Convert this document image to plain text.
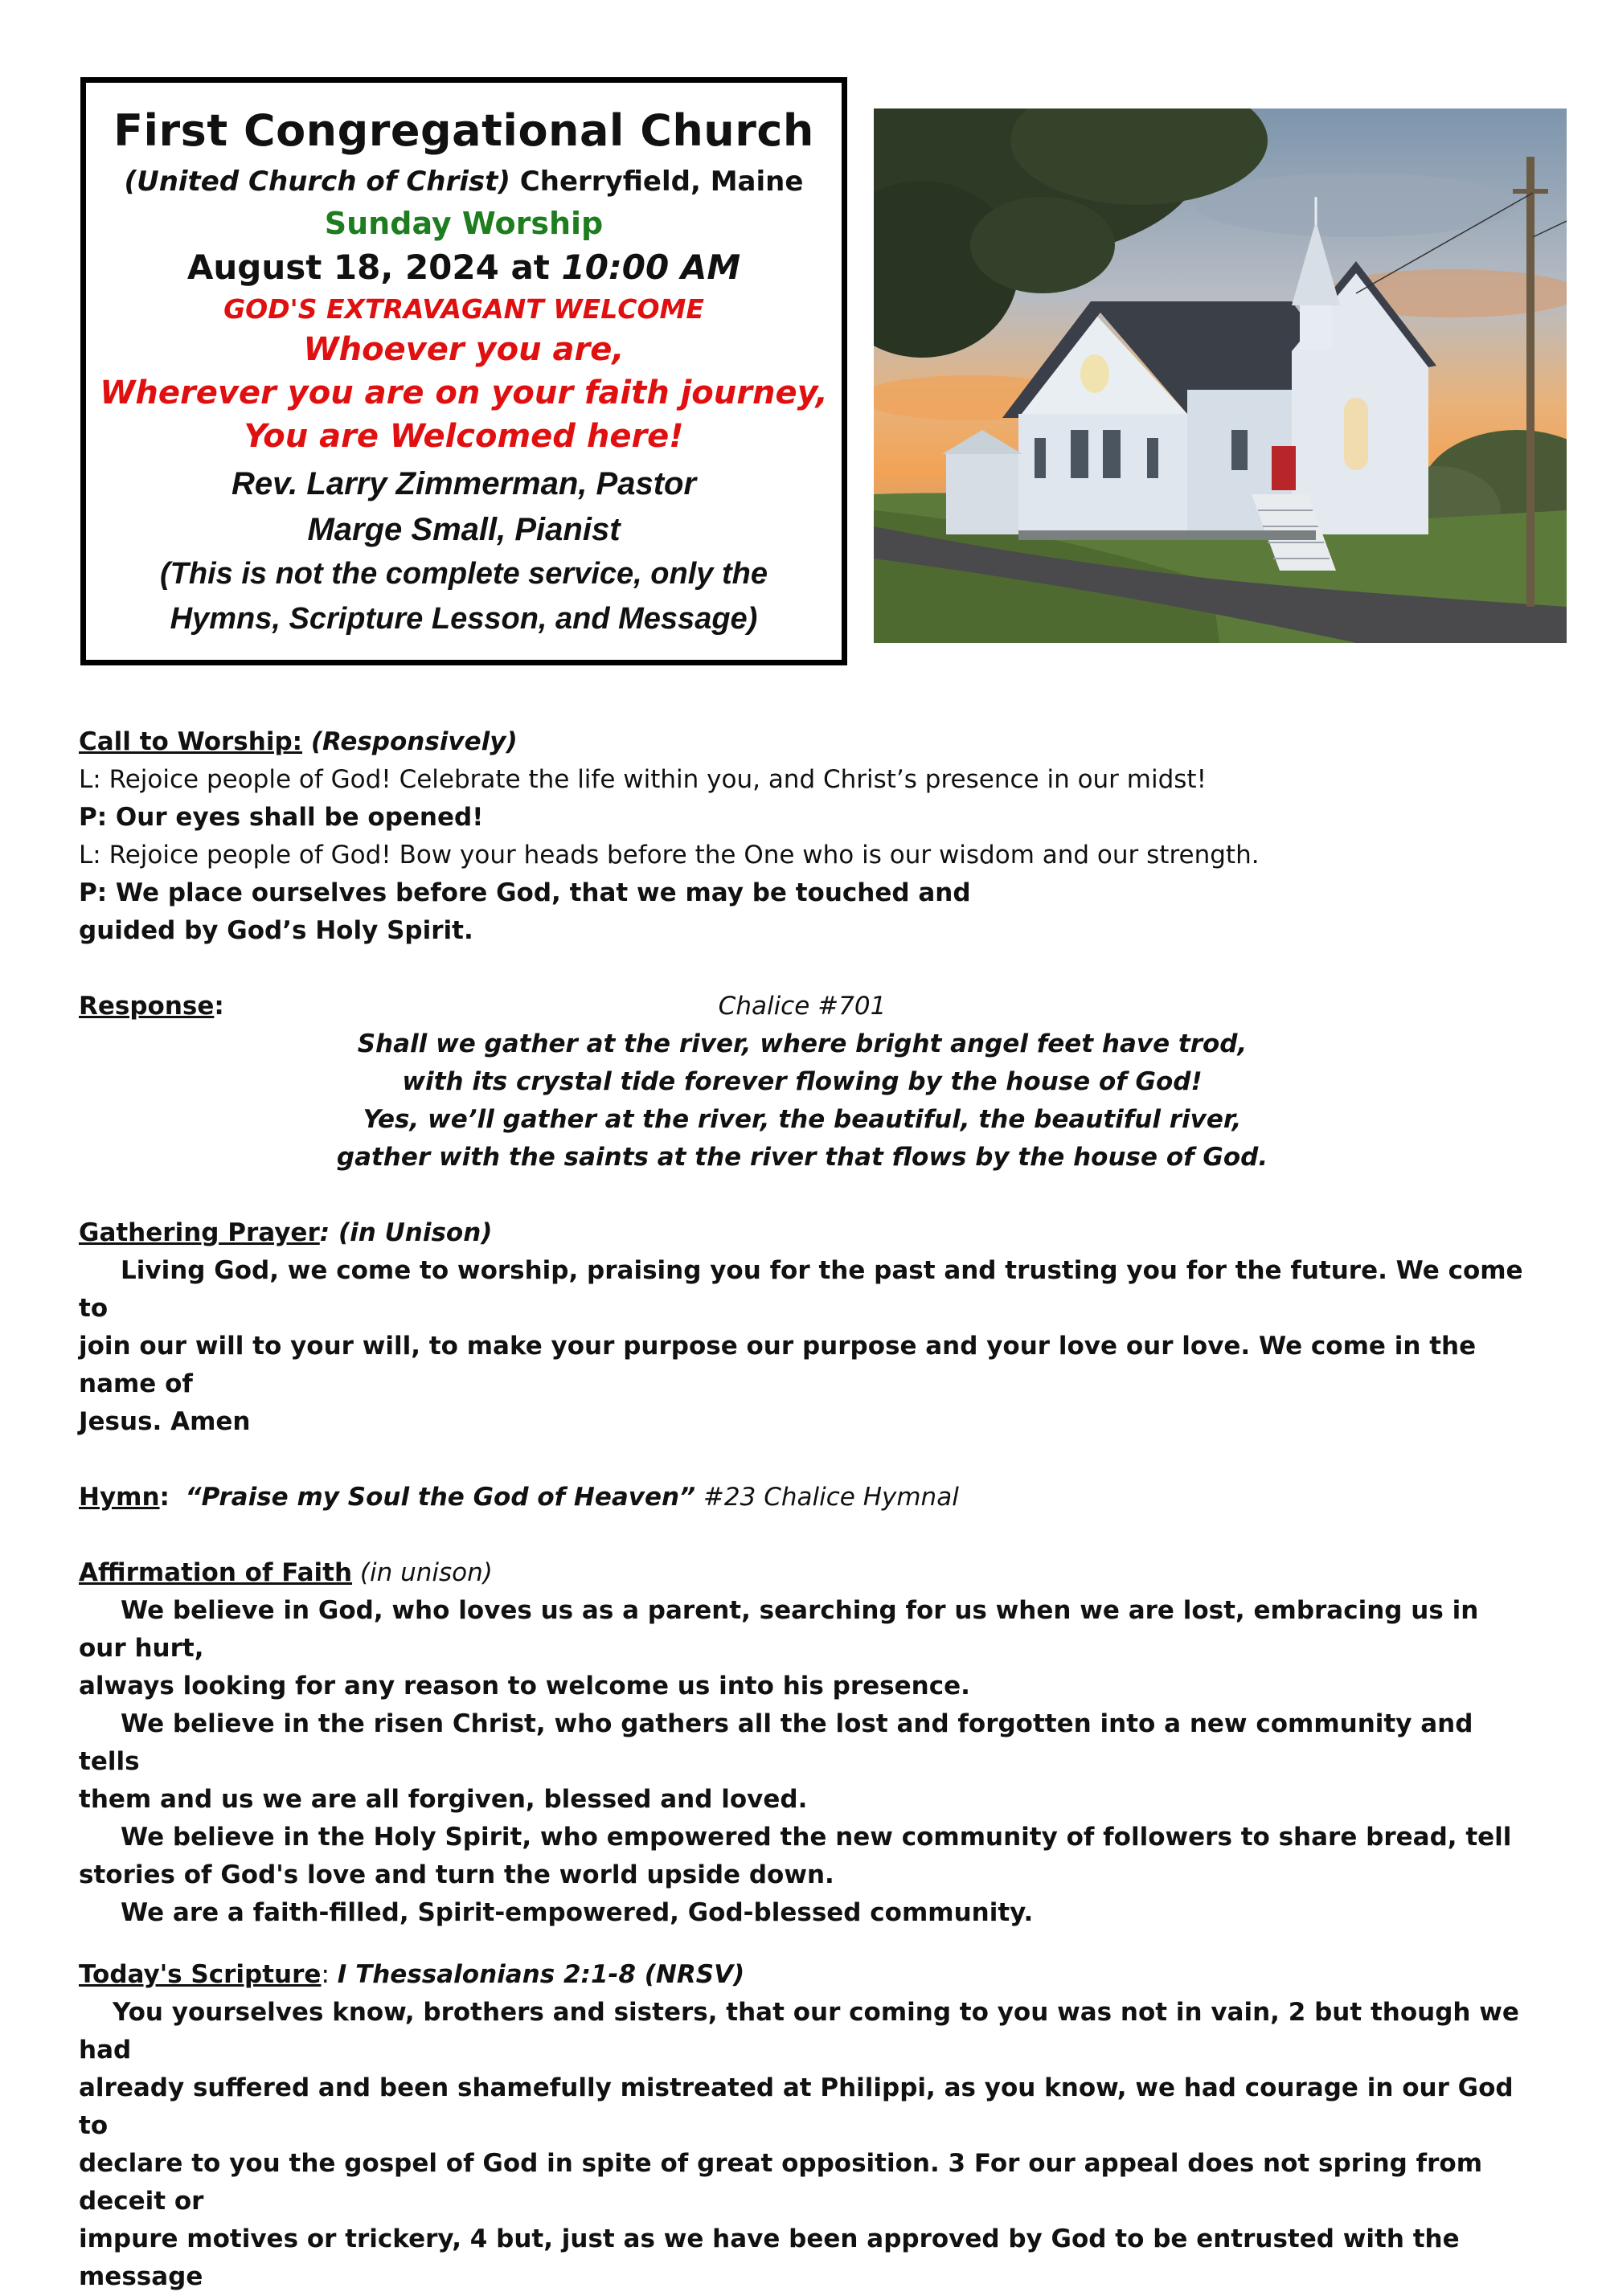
First Congregational Church
(United Church of Christ) Cherryfield, Maine
Sunday Worship
August 18, 2024 at 10:00 AM
GOD'S EXTRAVAGANT WELCOME
Whoever you are,
Wherever you are on your faith journey,
You are Welcomed here!
Rev. Larry Zimmerman, Pastor
Marge Small, Pianist
(This is not the complete service, only the
Hymns, Scripture Lesson, and Message)

Call to Worship: (Responsively)

L: Rejoice people of God! Celebrate the life within you, and Christ’s presence in our midst!

P: Our eyes shall be opened!

L: Rejoice people of God! Bow your heads before the One who is our wisdom and our strength.

P: We place ourselves before God, that we may be touched and

guided by God’s Holy Spirit.

Response:	Chalice #701

Shall we gather at the river, where bright angel feet have trod,

with its crystal tide forever flowing by the house of God!

Yes, we’ll gather at the river, the beautiful, the beautiful river,

gather with the saints at the river that flows by the house of God.

Gathering Prayer: (in Unison)

Living God, we come to worship, praising you for the past and trusting you for the future. We come to

join our will to your will, to make your purpose our purpose and your love our love. We come in the name of

Jesus. Amen

Hymn: “Praise my Soul the God of Heaven” #23 Chalice Hymnal

Affirmation of Faith (in unison)

We believe in God, who loves us as a parent, searching for us when we are lost, embracing us in our hurt,

always looking for any reason to welcome us into his presence.

We believe in the risen Christ, who gathers all the lost and forgotten into a new community and tells

them and us we are all forgiven, blessed and loved.

We believe in the Holy Spirit, who empowered the new community of followers to share bread, tell

stories of God's love and turn the world upside down.

We are a faith-filled, Spirit-empowered, God-blessed community.

Today's Scripture: I Thessalonians 2:1-8 (NRSV)

You yourselves know, brothers and sisters, that our coming to you was not in vain, 2 but though we had

already suffered and been shamefully mistreated at Philippi, as you know, we had courage in our God to

declare to you the gospel of God in spite of great opposition. 3 For our appeal does not spring from deceit or

impure motives or trickery, 4 but, just as we have been approved by God to be entrusted with the message
